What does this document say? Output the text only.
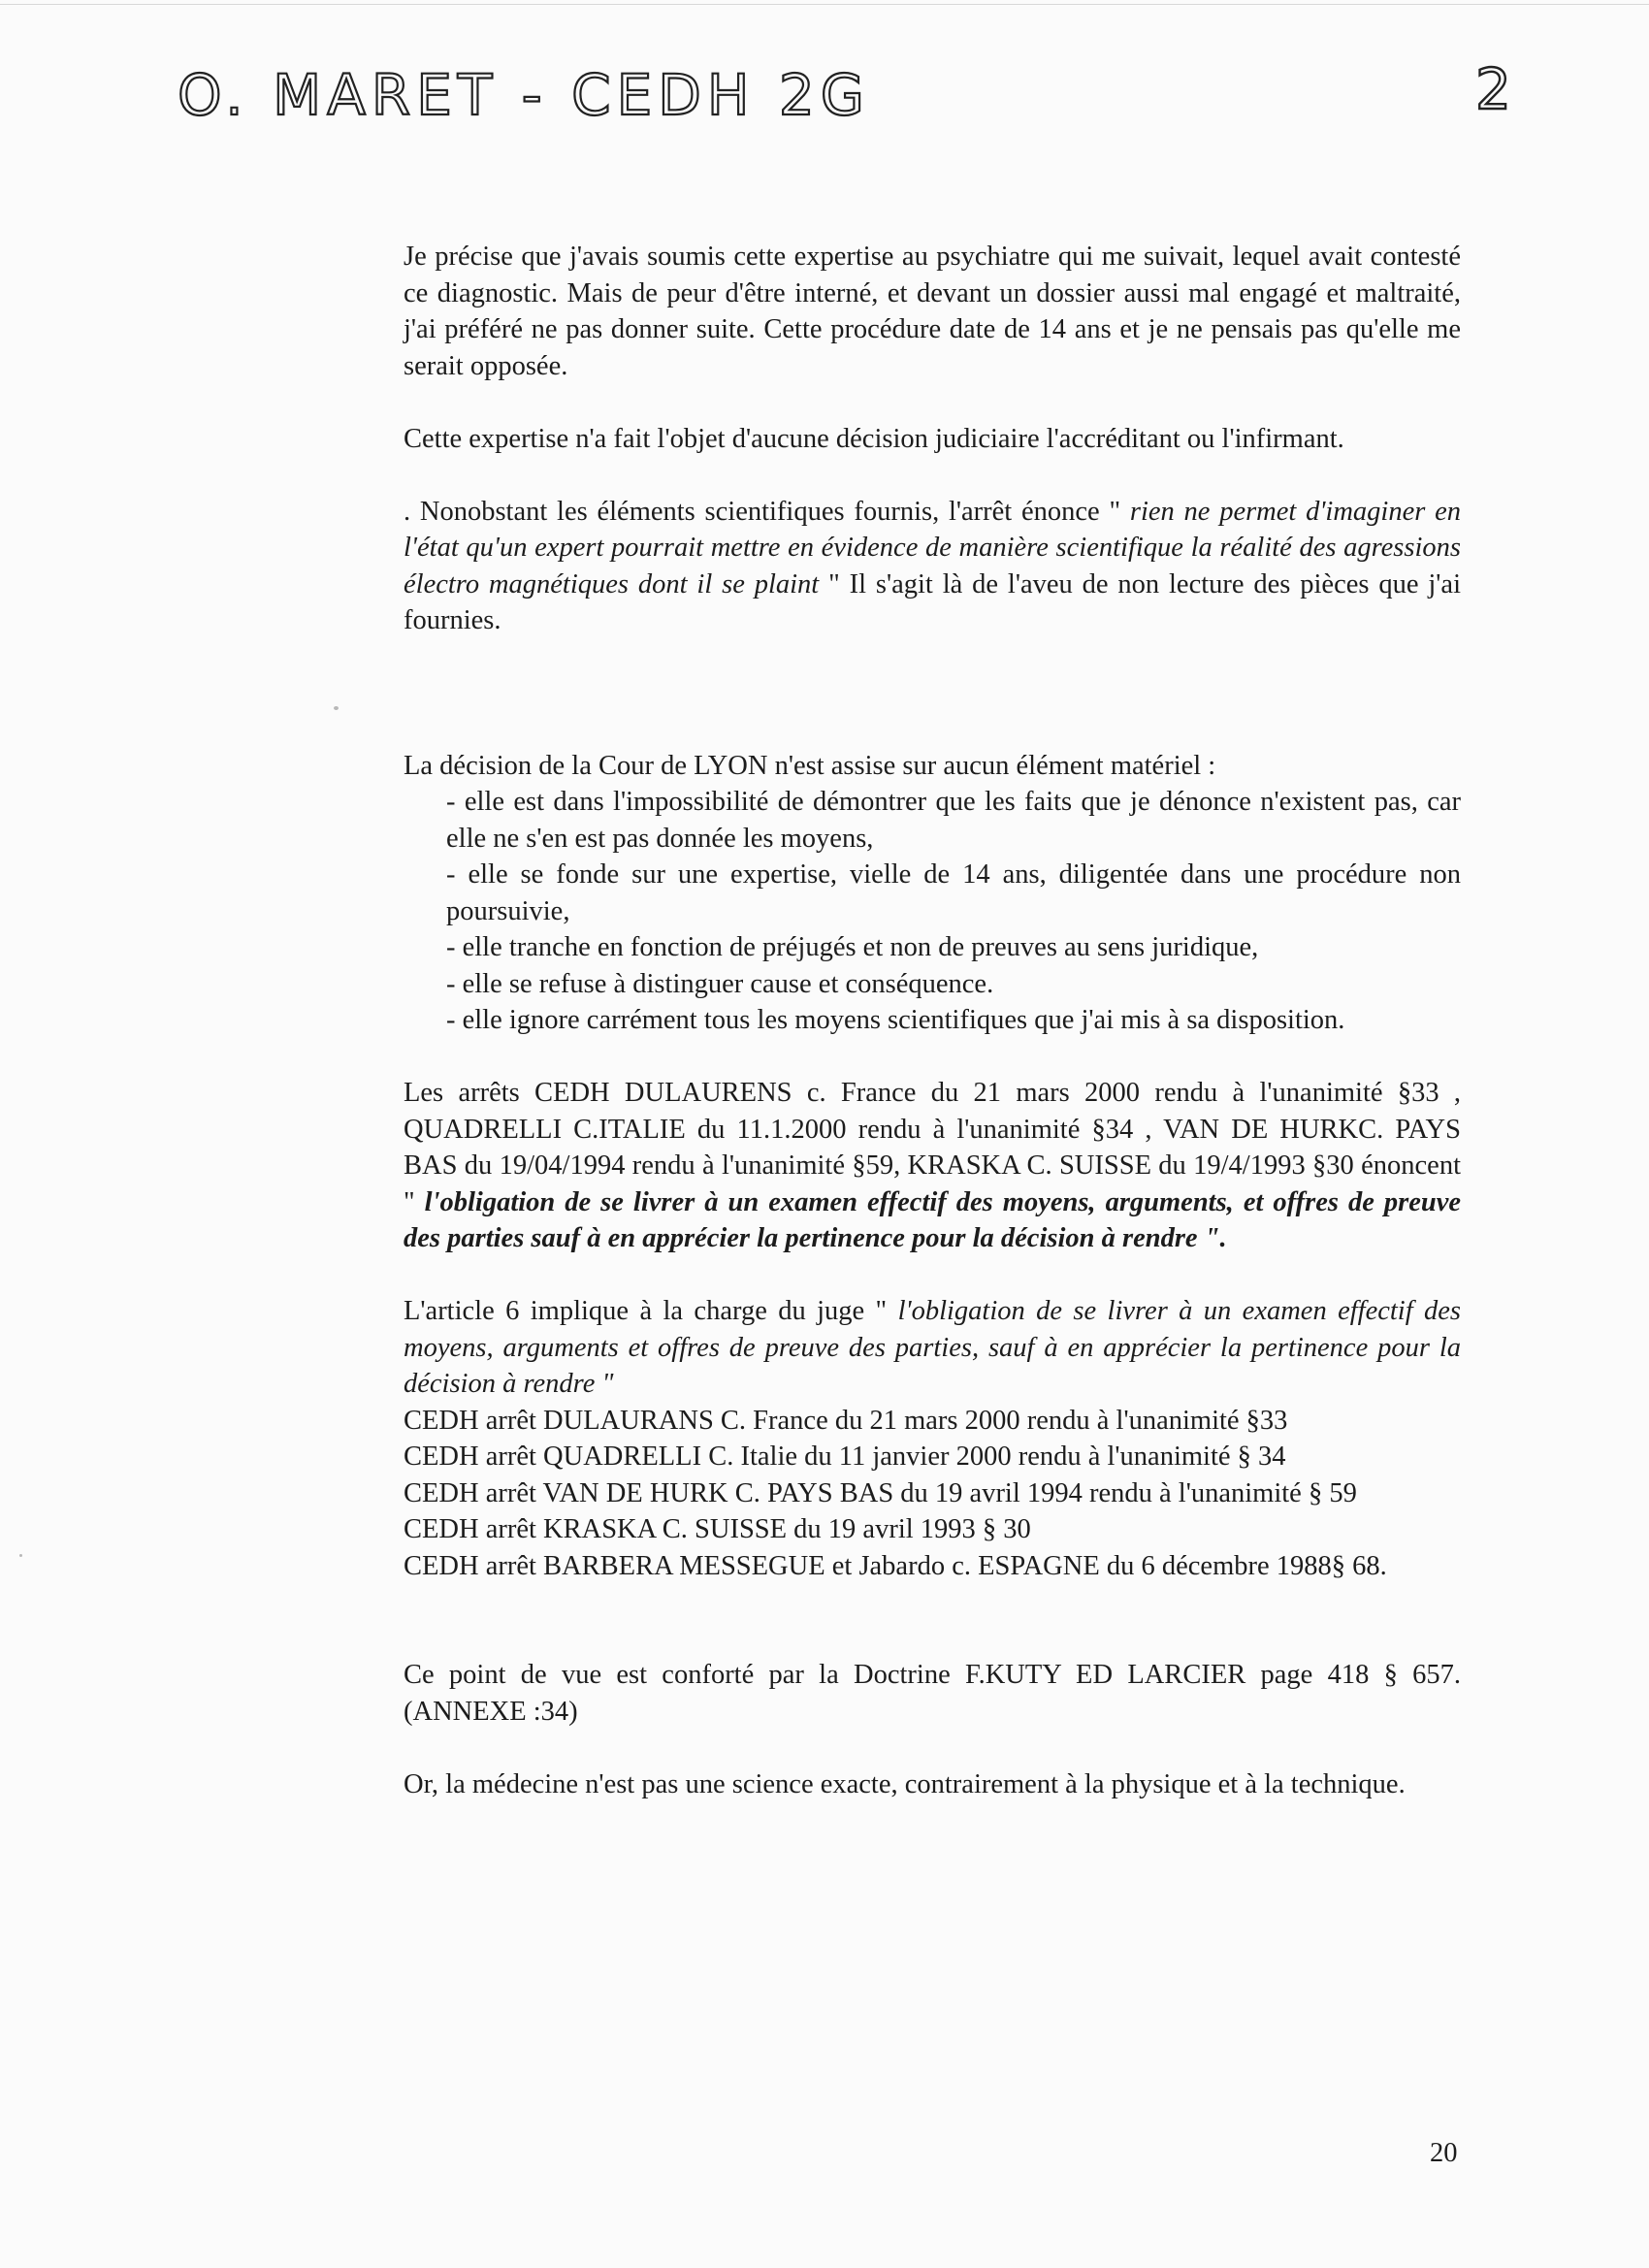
O. MARET - CEDH 2G	2

Je précise que j'avais soumis cette expertise au psychiatre qui me suivait, lequel avait contesté ce diagnostic. Mais de peur d'être interné, et devant un dossier aussi mal engagé et maltraité, j'ai préféré ne pas donner suite. Cette procédure date de 14 ans et je ne pensais pas qu'elle me serait opposée.

Cette expertise n'a fait l'objet d'aucune décision judiciaire l'accréditant ou l'infirmant.

. Nonobstant les éléments scientifiques fournis, l'arrêt énonce " rien ne permet d'imaginer en l'état qu'un expert pourrait mettre en évidence de manière scientifique la réalité des agressions électro magnétiques dont il se plaint " Il s'agit là de l'aveu de non lecture des pièces que j'ai fournies.

La décision de la Cour de LYON n'est assise sur aucun élément matériel :

- elle est dans l'impossibilité de démontrer que les faits que je dénonce n'existent pas, car elle ne s'en est pas donnée les moyens,

- elle se fonde sur une expertise, vielle de 14 ans, diligentée dans une procédure non poursuivie,

- elle tranche en fonction de préjugés et non de preuves au sens juridique,

- elle se refuse à distinguer cause et conséquence.

- elle ignore carrément tous les moyens scientifiques que j'ai mis à sa disposition.

Les arrêts CEDH DULAURENS c. France du 21 mars 2000 rendu à l'unanimité §33 , QUADRELLI C.ITALIE du 11.1.2000 rendu à l'unanimité §34 , VAN DE HURKC. PAYS BAS du 19/04/1994 rendu à l'unanimité §59, KRASKA C. SUISSE du 19/4/1993 §30 énoncent " l'obligation de se livrer à un examen effectif des moyens, arguments, et offres de preuve des parties sauf à en apprécier la pertinence pour la décision à rendre ".

L'article 6 implique à la charge du juge " l'obligation de se livrer à un examen effectif des moyens, arguments et offres de preuve des parties, sauf à en apprécier la pertinence pour la décision à rendre "

CEDH arrêt DULAURANS C. France du 21 mars 2000 rendu à l'unanimité §33

CEDH arrêt QUADRELLI C. Italie du 11 janvier 2000 rendu à l'unanimité § 34

CEDH arrêt VAN DE HURK C. PAYS BAS du 19 avril 1994 rendu à l'unanimité § 59

CEDH arrêt KRASKA C. SUISSE du 19 avril 1993 § 30

CEDH arrêt BARBERA MESSEGUE et Jabardo c. ESPAGNE du 6 décembre 1988§ 68.

Ce point de vue est conforté par la Doctrine F.KUTY ED LARCIER page 418 § 657. (ANNEXE :34)

Or, la médecine n'est pas une science exacte, contrairement à la physique et à la technique.

20
